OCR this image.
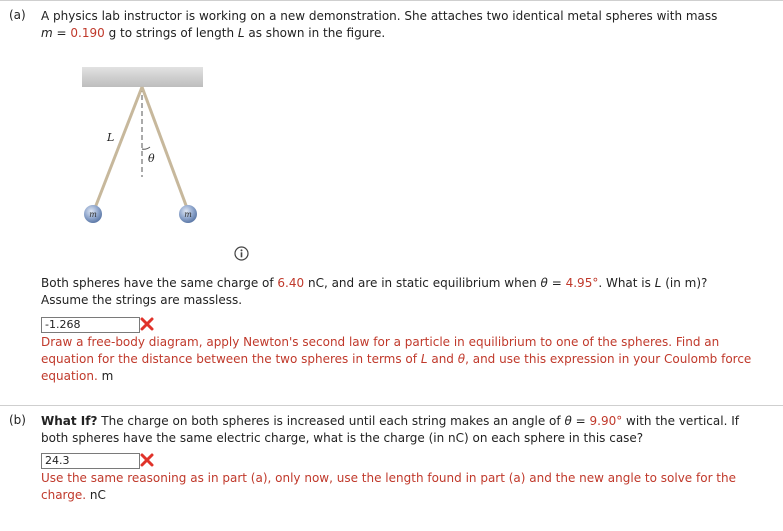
(a) A physics lab instructor is working on a new demonstration. She attaches two identical metal spheres with mass
m = 0.190 g to strings of length L as shown in the figure.
L
θ
m	m
Both spheres have the same charge of 6.40 nC, and are in static equilibrium when θ = 4.95°. What is L (in m)?
Assume the strings are massless.
-1.268
Draw a free-body diagram, apply Newton's second law for a particle in equilibrium to one of the spheres. Find an
equation for the distance between the two spheres in terms of L and θ, and use this expression in your Coulomb force
equation. m
(b) What If? The charge on both spheres is increased until each string makes an angle of θ = 9.90° with the vertical. If
both spheres have the same electric charge, what is the charge (in nC) on each sphere in this case?
24.3
Use the same reasoning as in part (a), only now, use the length found in part (a) and the new angle to solve for the
charge. nC
